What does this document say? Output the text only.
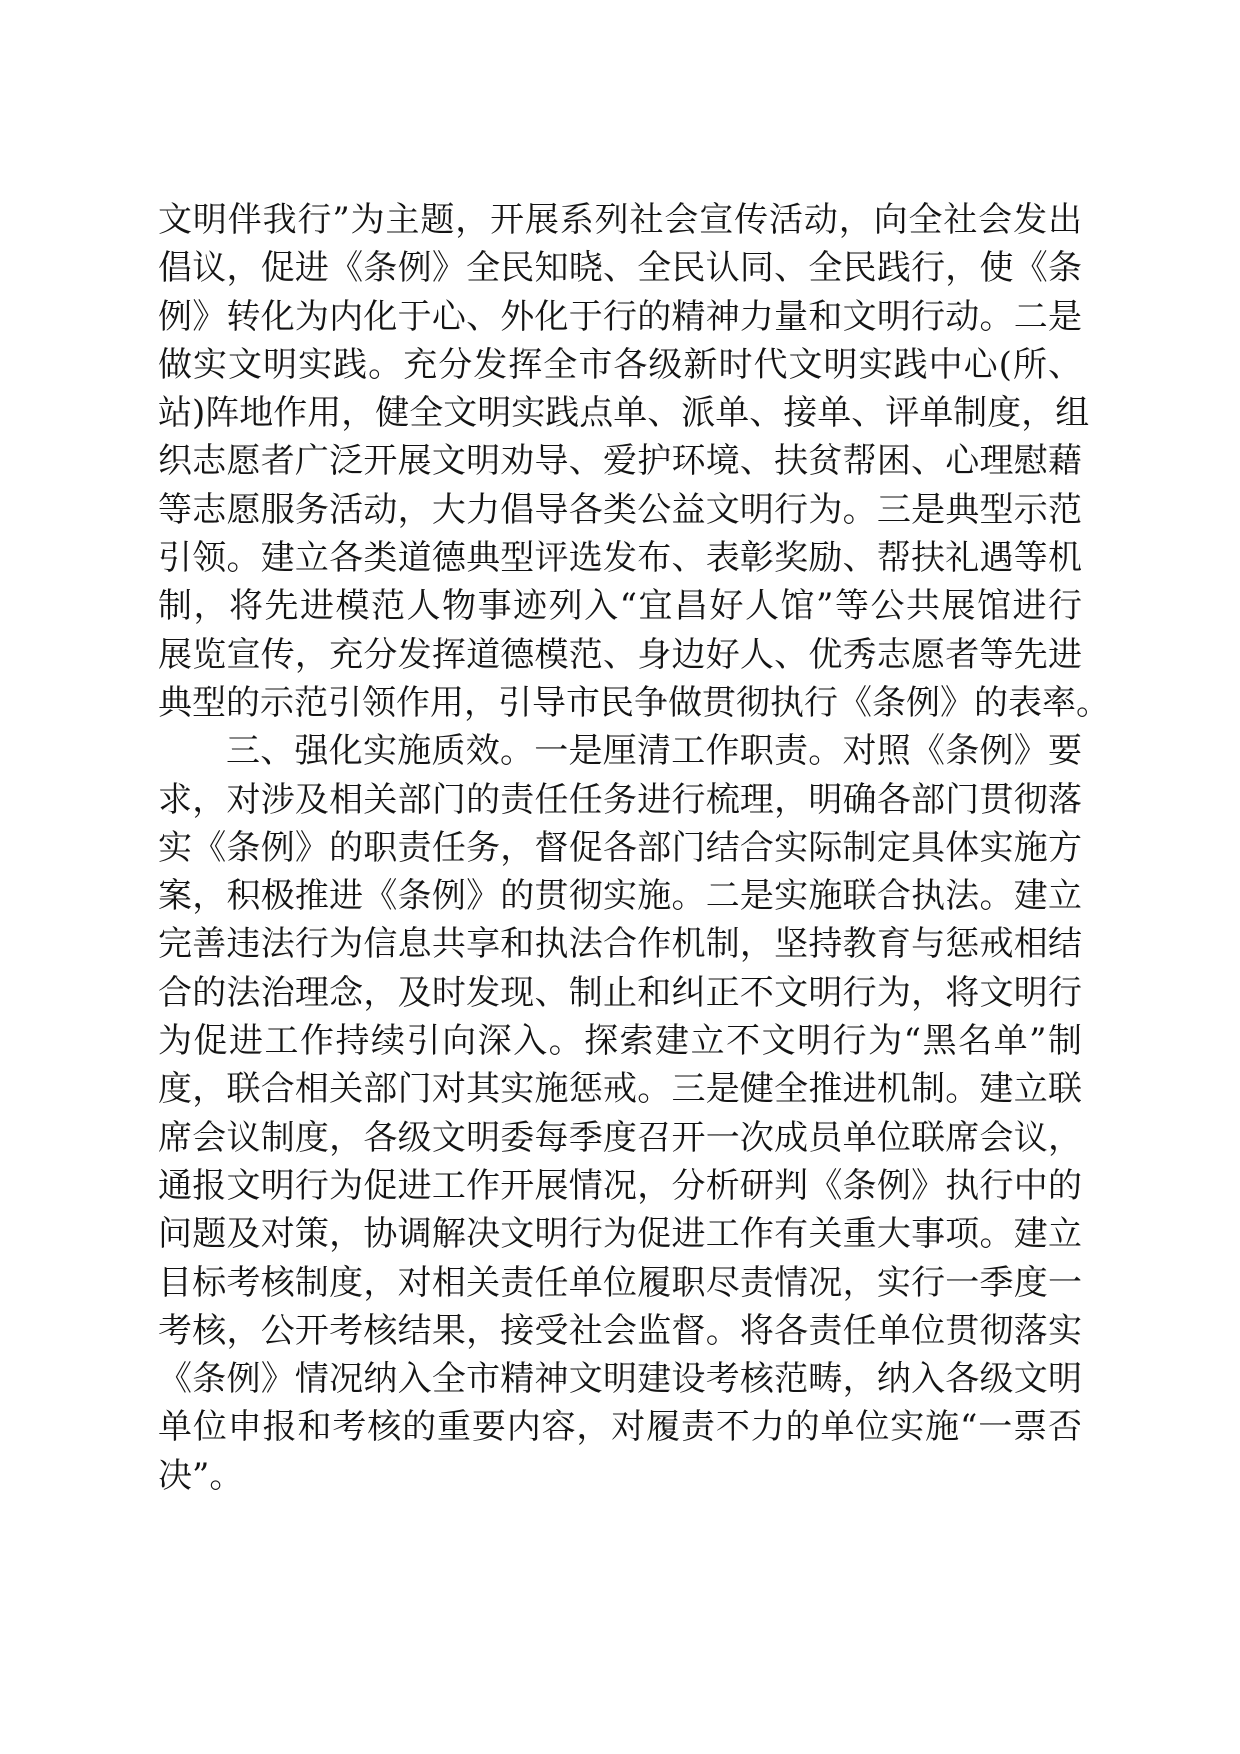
文明伴我行”为主题，开展系列社会宣传活动，向全社会发出
倡议，促进《条例》全民知晓、全民认同、全民践行，使《条
例》转化为内化于心、外化于行的精神力量和文明行动。二是
做实文明实践。充分发挥全市各级新时代文明实践中心(所、
站)阵地作用，健全文明实践点单、派单、接单、评单制度，组
织志愿者广泛开展文明劝导、爱护环境、扶贫帮困、心理慰藉
等志愿服务活动，大力倡导各类公益文明行为。三是典型示范
引领。建立各类道德典型评选发布、表彰奖励、帮扶礼遇等机
制，将先进模范人物事迹列入“宜昌好人馆”等公共展馆进行
展览宣传，充分发挥道德模范、身边好人、优秀志愿者等先进
典型的示范引领作用，引导市民争做贯彻执行《条例》的表率。
三、强化实施质效。一是厘清工作职责。对照《条例》要
求，对涉及相关部门的责任任务进行梳理，明确各部门贯彻落
实《条例》的职责任务，督促各部门结合实际制定具体实施方
案，积极推进《条例》的贯彻实施。二是实施联合执法。建立
完善违法行为信息共享和执法合作机制，坚持教育与惩戒相结
合的法治理念，及时发现、制止和纠正不文明行为，将文明行
为促进工作持续引向深入。探索建立不文明行为“黑名单”制
度，联合相关部门对其实施惩戒。三是健全推进机制。建立联
席会议制度，各级文明委每季度召开一次成员单位联席会议，
通报文明行为促进工作开展情况，分析研判《条例》执行中的
问题及对策，协调解决文明行为促进工作有关重大事项。建立
目标考核制度，对相关责任单位履职尽责情况，实行一季度一
考核，公开考核结果，接受社会监督。将各责任单位贯彻落实
《条例》情况纳入全市精神文明建设考核范畴，纳入各级文明
单位申报和考核的重要内容，对履责不力的单位实施“一票否
决”。
